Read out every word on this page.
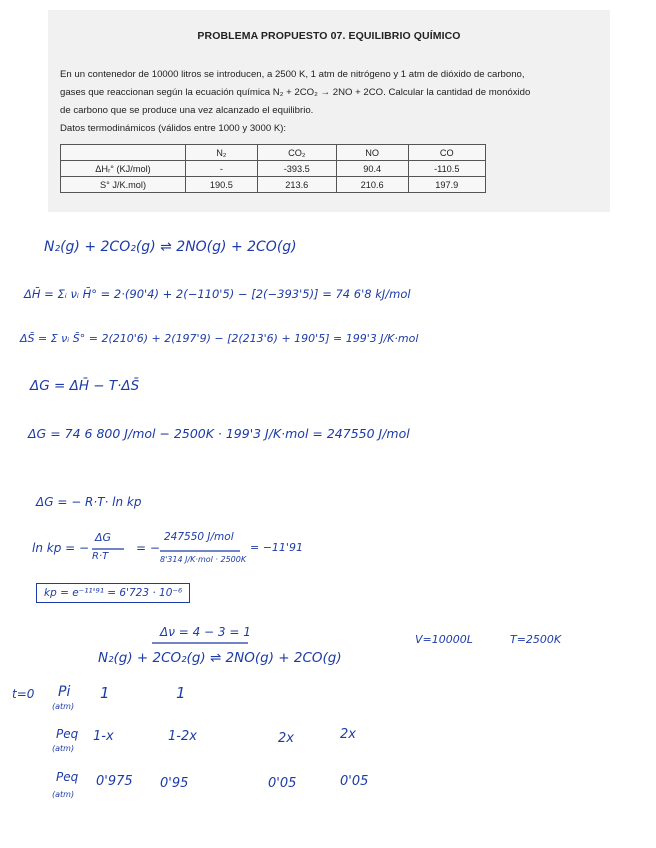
PROBLEMA PROPUESTO 07. EQUILIBRIO QUÍMICO
En un contenedor de 10000 litros se introducen, a 2500 K, 1 atm de nitrógeno y 1 atm de dióxido de carbono,
gases que reaccionan según la ecuación química N₂ + 2CO₂ → 2NO + 2CO. Calcular la cantidad de monóxido
de carbono que se produce una vez alcanzado el equilibrio.
Datos termodinámicos (válidos entre 1000 y 3000 K):
	N₂	CO₂	NO	CO
ΔHᵣ° (KJ/mol)	-	-393.5	90.4	-110.5
S° J/K.mol)	190.5	213.6	210.6	197.9
N₂(g) + 2CO₂(g) ⇌ 2NO(g) + 2CO(g)
ΔH̄ = Σᵢ νᵢ H̄° = 2·(90'4) + 2(−110'5) − [2(−393'5)] = 74 6'8 kJ/mol
ΔS̄ = Σ νᵢ S̄° = 2(210'6) + 2(197'9) − [2(213'6) + 190'5] = 199'3 J/K·mol
ΔG = ΔH̄ − T·ΔS̄
ΔG = 74 6 800 J/mol − 2500K · 199'3 J/K·mol = 247550 J/mol
ΔG = − R·T· ln kp
ln kp = −
ΔG
R·T
= −
247550 J/mol
8'314 J/K·mol · 2500K
= −11'91
kp = e⁻¹¹'⁹¹ = 6'723 · 10⁻⁶
Δν = 4 − 3 = 1
V=10000L	T=2500K
N₂(g) + 2CO₂(g) ⇌ 2NO(g) + 2CO(g)
t=0 Pi
(atm)
1	1
Peq
(atm)
1-x	1-2x	2x	2x
Peq
(atm)
0'975 0'95	0'05	0'05
